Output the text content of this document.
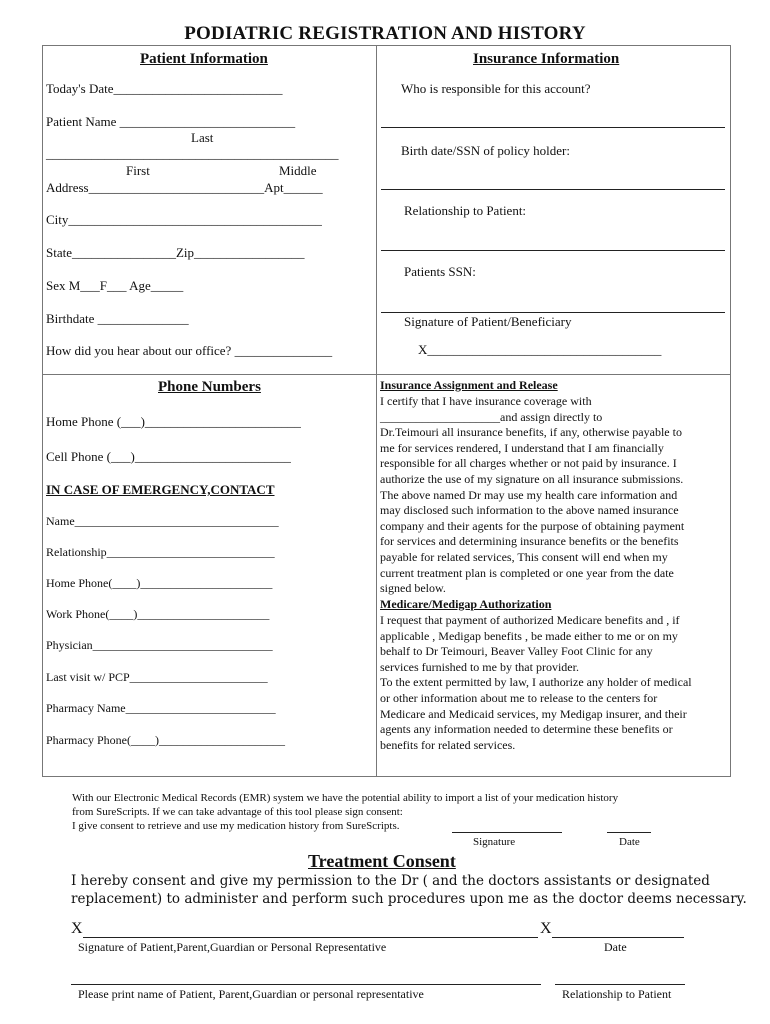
PODIATRIC REGISTRATION AND HISTORY
Patient Information
Today's Date__________________________
Patient Name ___________________________
Last
_____________________________________________
First	Middle
Address___________________________Apt______
City_______________________________________
State________________Zip_________________
Sex M___F___ Age_____
Birthdate ______________
How did you hear about our office? _______________
Insurance Information
Who is responsible for this account?
Birth date/SSN of policy holder:
Relationship to Patient:
Patients SSN:
Signature of Patient/Beneficiary
X____________________________________
Phone Numbers
Home Phone (___)________________________
Cell Phone (___)________________________
IN CASE OF EMERGENCY,CONTACT
Name__________________________________
Relationship____________________________
Home Phone(____)______________________
Work Phone(____)______________________
Physician______________________________
Last visit w/ PCP_______________________
Pharmacy Name_________________________
Pharmacy Phone(____)_____________________
Insurance Assignment and Release
I certify that I have insurance coverage with
____________________and assign directly to
Dr.Teimouri all insurance benefits, if any, otherwise payable to
me for services rendered, I understand that I am financially
responsible for all charges whether or not paid by insurance. I
authorize the use of my signature on all insurance submissions.
The above named Dr may use my health care information and
may disclosed such information to the above named insurance
company and their agents for the purpose of obtaining payment
for services and determining insurance benefits or the benefits
payable for related services, This consent will end when my
current treatment plan is completed or one year from the date
signed below.
Medicare/Medigap Authorization
I request that payment of authorized Medicare benefits and , if
applicable , Medigap benefits , be made either to me or on my
behalf to Dr Teimouri, Beaver Valley Foot Clinic for any
services furnished to me by that provider.
To the extent permitted by law, I authorize any holder of medical
or other information about me to release to the centers for
Medicare and Medicaid services, my Medigap insurer, and their
agents any information needed to determine these benefits or
benefits for related services.
With our Electronic Medical Records (EMR) system we have the potential ability to import a list of your medication history
from SureScripts. If we can take advantage of this tool please sign consent:
I give consent to retrieve and use my medication history from SureScripts.
Signature	Date
Treatment Consent
I hereby consent and give my permission to the Dr ( and the doctors assistants or designated
replacement) to administer and perform such procedures upon me as the doctor deems necessary.
X	X
Signature of Patient,Parent,Guardian or Personal Representative	Date
Please print name of Patient, Parent,Guardian or personal representative	Relationship to Patient
